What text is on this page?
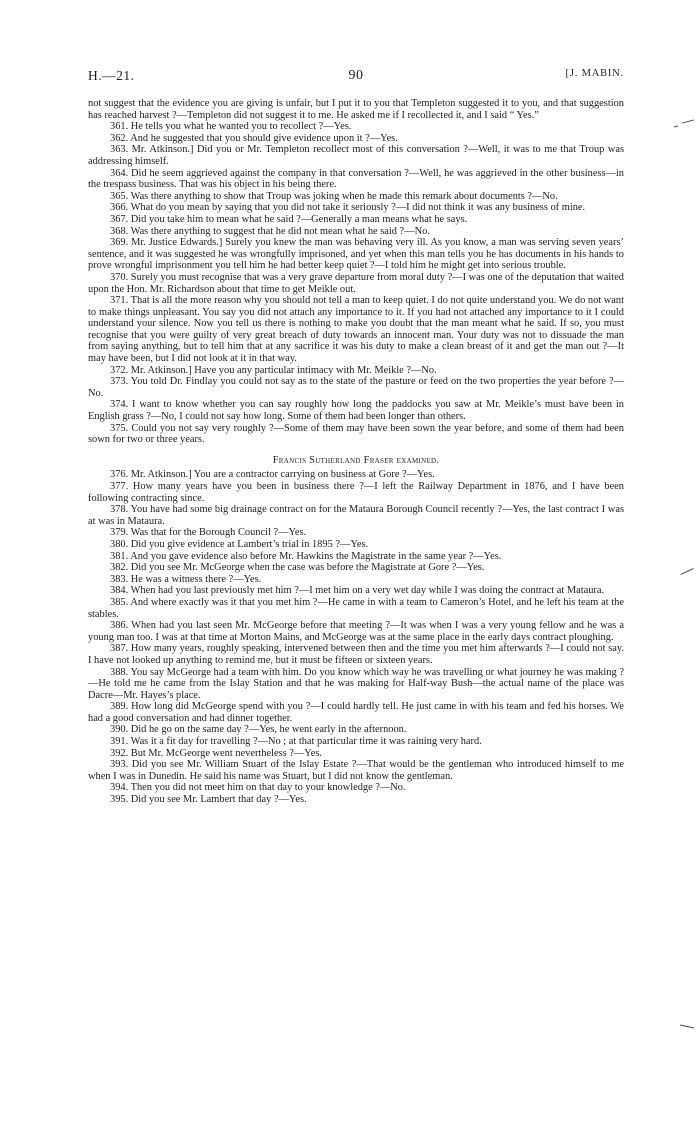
H.—21.	90	[J. MABIN.

not suggest that the evidence you are giving is unfair, but I put it to you that Templeton suggested it to you, and that suggestion has reached harvest ?—Templeton did not suggest it to me. He asked me if I recollected it, and I said “ Yes.”

361. He tells you what he wanted you to recollect ?—Yes.

362. And he suggested that you should give evidence upon it ?—Yes.

363. Mr. Atkinson.] Did you or Mr. Templeton recollect most of this conversation ?—Well, it was to me that Troup was addressing himself.

364. Did he seem aggrieved against the company in that conversation ?—Well, he was aggrieved in the other business—in the trespass business. That was his object in his being there.

365. Was there anything to show that Troup was joking when he made this remark about documents ?—No.

366. What do you mean by saying that you did not take it seriously ?—I did not think it was any business of mine.

367. Did you take him to mean what he said ?—Generally a man means what he says.

368. Was there anything to suggest that he did not mean what he said ?—No.

369. Mr. Justice Edwards.] Surely you knew the man was behaving very ill. As you know, a man was serving seven years’ sentence, and it was suggested he was wrongfully imprisoned, and yet when this man tells you he has documents in his hands to prove wrongful imprisonment you tell him he had better keep quiet ?—I told him he might get into serious trouble.

370. Surely you must recognise that was a very grave departure from moral duty ?—I was one of the deputation that waited upon the Hon. Mr. Richardson about that time to get Meikle out.

371. That is all the more reason why you should not tell a man to keep quiet. I do not quite understand you. We do not want to make things unpleasant. You say you did not attach any importance to it. If you had not attached any importance to it I could understand your silence. Now you tell us there is nothing to make you doubt that the man meant what he said. If so, you must recognise that you were guilty of very great breach of duty towards an innocent man. Your duty was not to dissuade the man from saying anything, but to tell him that at any sacrifice it was his duty to make a clean breast of it and get the man out ?—It may have been, but I did not look at it in that way.

372. Mr. Atkinson.] Have you any particular intimacy with Mr. Meikle ?—No.

373. You told Dr. Findlay you could not say as to the state of the pasture or feed on the two properties the year before ?—No.

374. I want to know whether you can say roughly how long the paddocks you saw at Mr. Meikle’s must have been in English grass ?—No, I could not say how long. Some of them had been longer than others.

375. Could you not say very roughly ?—Some of them may have been sown the year before, and some of them had been sown for two or three years.

Francis Sutherland Fraser examined.

376. Mr. Atkinson.] You are a contractor carrying on business at Gore ?—Yes.

377. How many years have you been in business there ?—I left the Railway Department in 1876, and I have been following contracting since.

378. You have had some big drainage contract on for the Mataura Borough Council recently ?—Yes, the last contract I was at was in Mataura.

379. Was that for the Borough Council ?—Yes.

380. Did you give evidence at Lambert’s trial in 1895 ?—Yes.

381. And you gave evidence also before Mr. Hawkins the Magistrate in the same year ?—Yes.

382. Did you see Mr. McGeorge when the case was before the Magistrate at Gore ?—Yes.

383. He was a witness there ?—Yes.

384. When had you last previously met him ?—I met him on a very wet day while I was doing the contract at Mataura.

385. And where exactly was it that you met him ?—He came in with a team to Cameron’s Hotel, and he left his team at the stables.

386. When had you last seen Mr. McGeorge before that meeting ?—It was when I was a very young fellow and he was a young man too. I was at that time at Morton Mains, and McGeorge was at the same place in the early days contract ploughing.

387. How many years, roughly speaking, intervened between then and the time you met him afterwards ?—I could not say. I have not looked up anything to remind me, but it must be fifteen or sixteen years.

388. You say McGeorge had a team with him. Do you know which way he was travelling or what journey he was making ?—He told me he came from the Islay Station and that he was making for Half-way Bush—the actual name of the place was Dacre—Mr. Hayes’s place.

389. How long did McGeorge spend with you ?—I could hardly tell. He just came in with his team and fed his horses. We had a good conversation and had dinner together.

390. Did he go on the same day ?—Yes, he went early in the afternoon.

391. Was it a fit day for travelling ?—No ; at that particular time it was raining very hard.

392. But Mr. McGeorge went nevertheless ?—Yes.

393. Did you see Mr. William Stuart of the Islay Estate ?—That would be the gentleman who introduced himself to me when I was in Dunedin. He said his name was Stuart, but I did not know the gentleman.

394. Then you did not meet him on that day to your knowledge ?—No.

395. Did you see Mr. Lambert that day ?—Yes.
